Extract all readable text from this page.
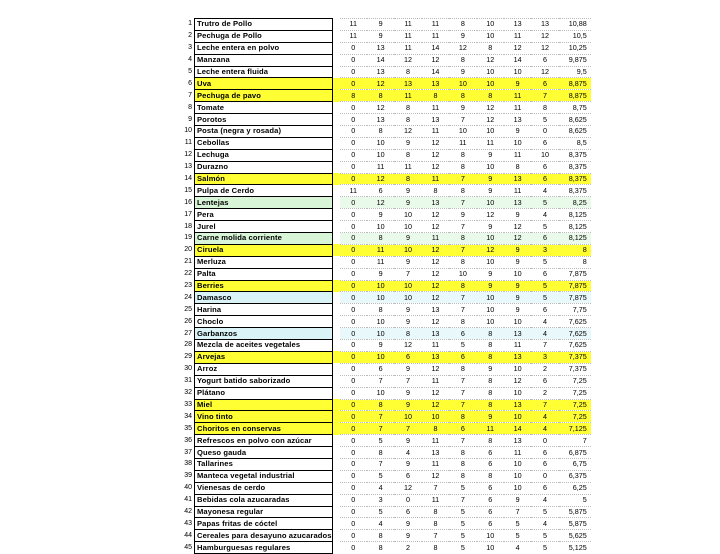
1	Trutro de Pollo		11	9	11	11	8	10	13	13	10,88
2	Pechuga de Pollo		11	9	11	11	9	10	11	12	10,5
3	Leche entera en polvo		0	13	11	14	12	8	12	12	10,25
4	Manzana		0	14	12	12	8	12	14	6	9,875
5	Leche entera fluida		0	13	8	14	9	10	10	12	9,5
6	Uva		0	12	13	13	10	10	9	6	8,875
7	Pechuga de pavo		8	8	11	8	8	8	11	7	8,875
8	Tomate		0	12	8	11	9	12	11	8	8,75
9	Porotos		0	13	8	13	7	12	13	5	8,625
10	Posta (negra y rosada)		0	8	12	11	10	10	9	0	8,625
11	Cebollas		0	10	9	12	11	11	10	6	8,5
12	Lechuga		0	10	8	12	8	9	11	10	8,375
13	Durazno		0	11	11	12	8	10	8	6	8,375
14	Salmón		0	12	8	11	7	9	13	6	8,375
15	Pulpa de Cerdo		11	6	9	8	8	9	11	4	8,375
16	Lentejas		0	12	9	13	7	10	13	5	8,25
17	Pera		0	9	10	12	9	12	9	4	8,125
18	Jurel		0	10	10	12	7	9	12	5	8,125
19	Carne molida corriente		0	8	9	11	8	10	12	6	8,125
20	Ciruela		0	11	10	12	7	12	9	3	8
21	Merluza		0	11	9	12	8	10	9	5	8
22	Palta		0	9	7	12	10	9	10	6	7,875
23	Berries		0	10	10	12	8	9	9	5	7,875
24	Damasco		0	10	10	12	7	10	9	5	7,875
25	Harina		0	8	9	13	7	10	9	6	7,75
26	Choclo		0	10	9	12	8	10	10	4	7,625
27	Garbanzos		0	10	8	13	6	8	13	4	7,625
28	Mezcla de aceites vegetales		0	9	12	11	5	8	11	7	7,625
29	Arvejas		0	10	6	13	6	8	13	3	7,375
30	Arroz		0	6	9	12	8	9	10	2	7,375
31	Yogurt batido saborizado		0	7	7	11	7	8	12	6	7,25
32	Plátano		0	10	9	12	7	8	10	2	7,25
33	Miel		0	8	9	12	7	8	13	7	7,25
34	Vino tinto		0	7	10	10	8	9	10	4	7,25
35	Choritos en conservas		0	7	7	8	6	11	14	4	7,125
36	Refrescos en polvo con azúcar		0	5	9	11	7	8	13	0	7
37	Queso gauda		0	8	4	13	8	6	11	6	6,875
38	Tallarines		0	7	9	11	8	6	10	6	6,75
39	Manteca vegetal industrial		0	5	6	12	8	8	10	0	6,375
40	Vienesas de cerdo		0	4	12	7	5	6	10	6	6,25
41	Bebidas cola azucaradas		0	3	0	11	7	6	9	4	5
42	Mayonesa regular		0	5	6	8	5	6	7	5	5,875
43	Papas fritas de cóctel		0	4	9	8	5	6	5	4	5,875
44	Cereales para desayuno azucarados		0	8	9	7	5	10	5	5	5,625
45	Hamburguesas regulares		0	8	2	8	5	10	4	5	5,125
